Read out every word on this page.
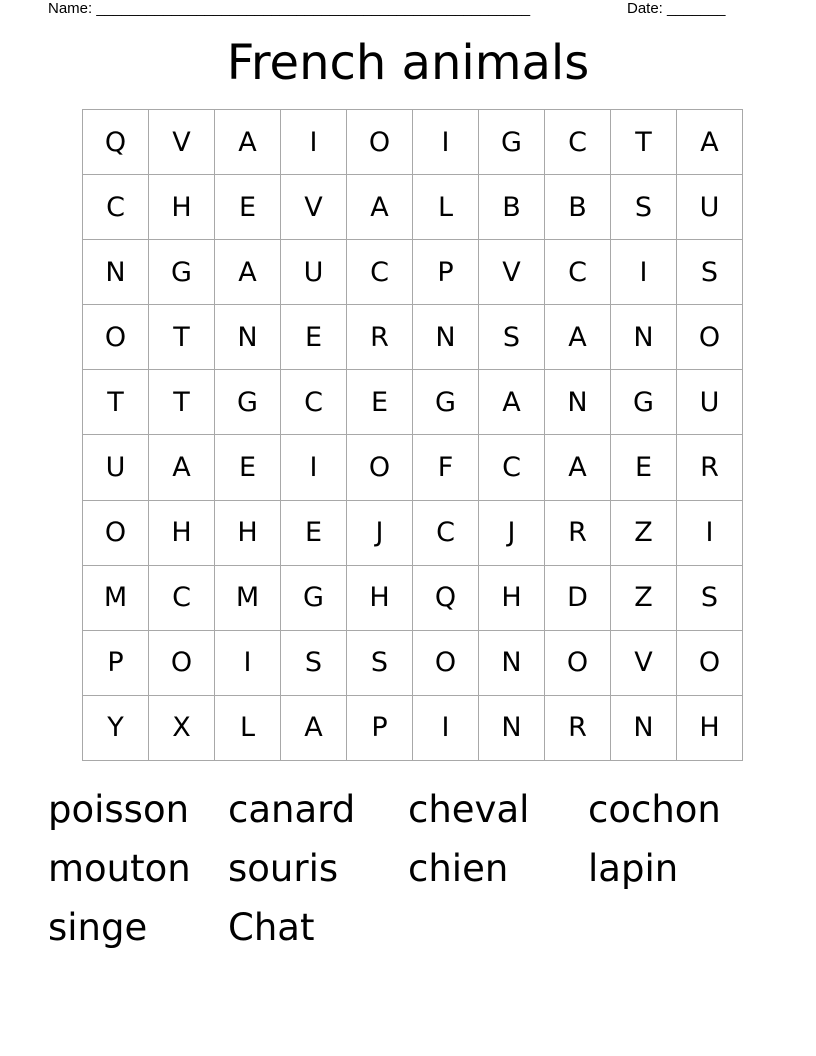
Name: ____________________________________________________	Date: _______
French animals
Q	V	A	I	O	I	G	C	T	A
C	H	E	V	A	L	B	B	S	U
N	G	A	U	C	P	V	C	I	S
O	T	N	E	R	N	S	A	N	O
T	T	G	C	E	G	A	N	G	U
U	A	E	I	O	F	C	A	E	R
O	H	H	E	J	C	J	R	Z	I
M	C	M	G	H	Q	H	D	Z	S
P	O	I	S	S	O	N	O	V	O
Y	X	L	A	P	I	N	R	N	H
poisson	canard	cheval	cochon
mouton	souris	chien	lapin
singe	Chat
